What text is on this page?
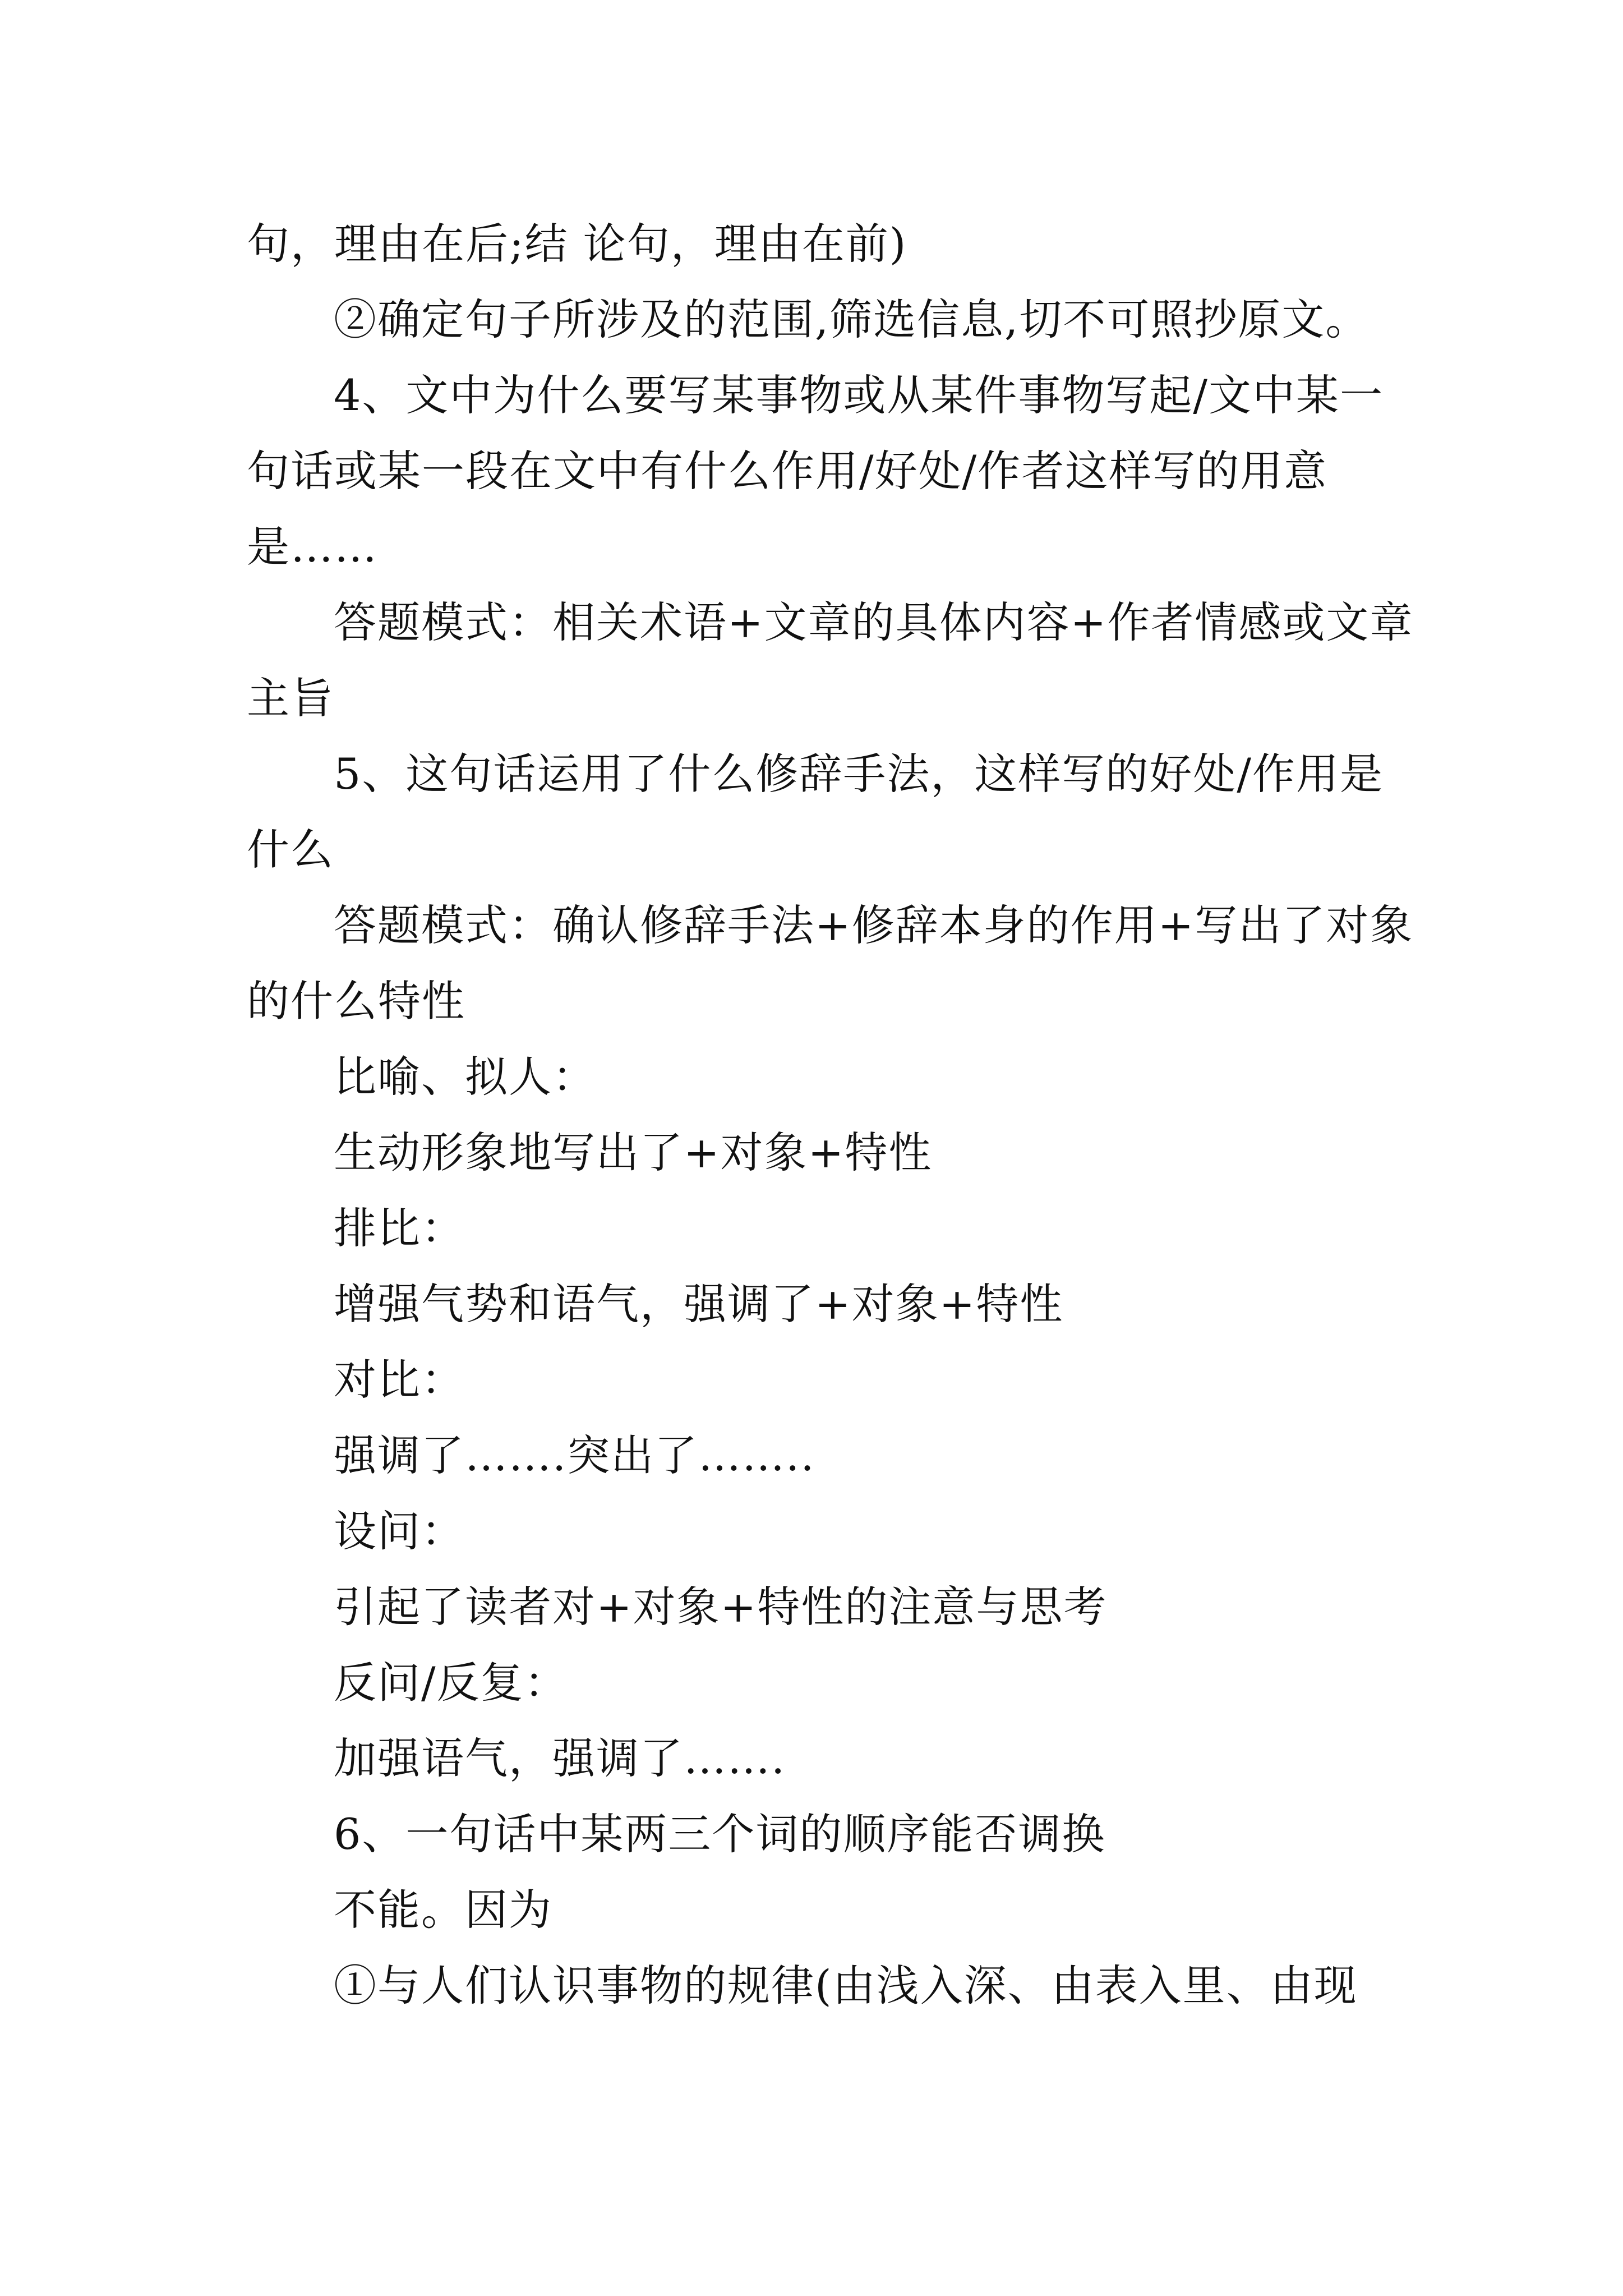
句，理由在后;结 论句，理由在前)
②确定句子所涉及的范围,筛选信息,切不可照抄原文。
4、文中为什么要写某事物或从某件事物写起/文中某一
句话或某一段在文中有什么作用/好处/作者这样写的用意
是……
答题模式：相关术语+文章的具体内容+作者情感或文章
主旨
5、这句话运用了什么修辞手法，这样写的好处/作用是
什么
答题模式：确认修辞手法+修辞本身的作用+写出了对象
的什么特性
比喻、拟人：
生动形象地写出了+对象+特性
排比：
增强气势和语气，强调了+对象+特性
对比：
强调了…….突出了……..
设问：
引起了读者对+对象+特性的注意与思考
反问/反复：
加强语气，强调了…….
6、一句话中某两三个词的顺序能否调换
不能。因为
①与人们认识事物的规律(由浅入深、由表入里、由现
